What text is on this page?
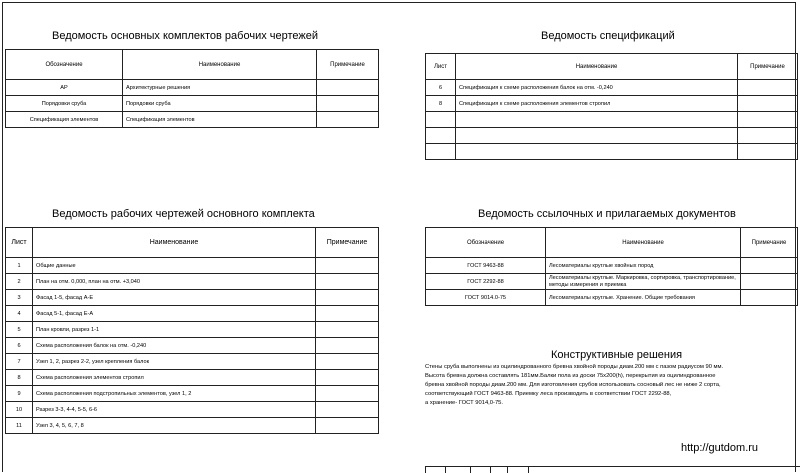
Ведомость основных комплектов рабочих чертежей
Обозначение	Наименование	Примечание
АР	Архитектурные решения	
Порядовки сруба	Порядовки сруба	
Спецификация элементов	Спецификация элементов	
Ведомость спецификаций
Лист	Наименование	Примечание
6	Спецификация к схеме расположения балок на отм. -0,240	
8	Спецификация к схеме расположения элементов стропил	

Ведомость рабочих чертежей основного комплекта
Лист	Наименование	Примечание
1	Общие данные	
2	План на отм. 0,000, план на отм. +3,040	
3	Фасад 1-5, фасад А-Е	
4	Фасад 5-1, фасад Е-А	
5	План кровли, разрез 1-1	
6	Схема расположения балок на отм. -0,240	
7	Узел 1, 2, разрез 2-2, узел крепления балок	
8	Схема расположения элементов стропил	
9	Схема расположения подстропильных элементов, узел 1, 2	
10	Разрез 3-3, 4-4, 5-5, 6-6	
11	Узел 3, 4, 5, 6, 7, 8	
Ведомость ссылочных и прилагаемых документов
Обозначение	Наименование	Примечание
ГОСТ 9463-88	Лесоматериалы круглые хвойных пород	
ГОСТ 2292-88	Лесоматериалы круглые. Маркировка, сортировка, транспортирование, методы измерения и приемка	
ГОСТ 9014.0-75	Лесоматериалы круглые. Хранение. Общие требования	
Конструктивные решения
Стены сруба выполнены из оцилиндрованного бревна хвойной породы диам.200 мм с пазом радиусом 90 мм.
Высота бревна должна составлять 181мм.Балки пола из доски 75х200(h), перекрытия из оцилиндрованное
бревна хвойной породы диам.200 мм. Для изготовления срубов использовать сосновый лес не ниже 2 сорта,
соответствующий ГОСТ 9463-88. Приемку леса производить в соответствии ГОСТ 2292-88,
а хранение- ГОСТ 9014,0-75.
http://gutdom.ru
